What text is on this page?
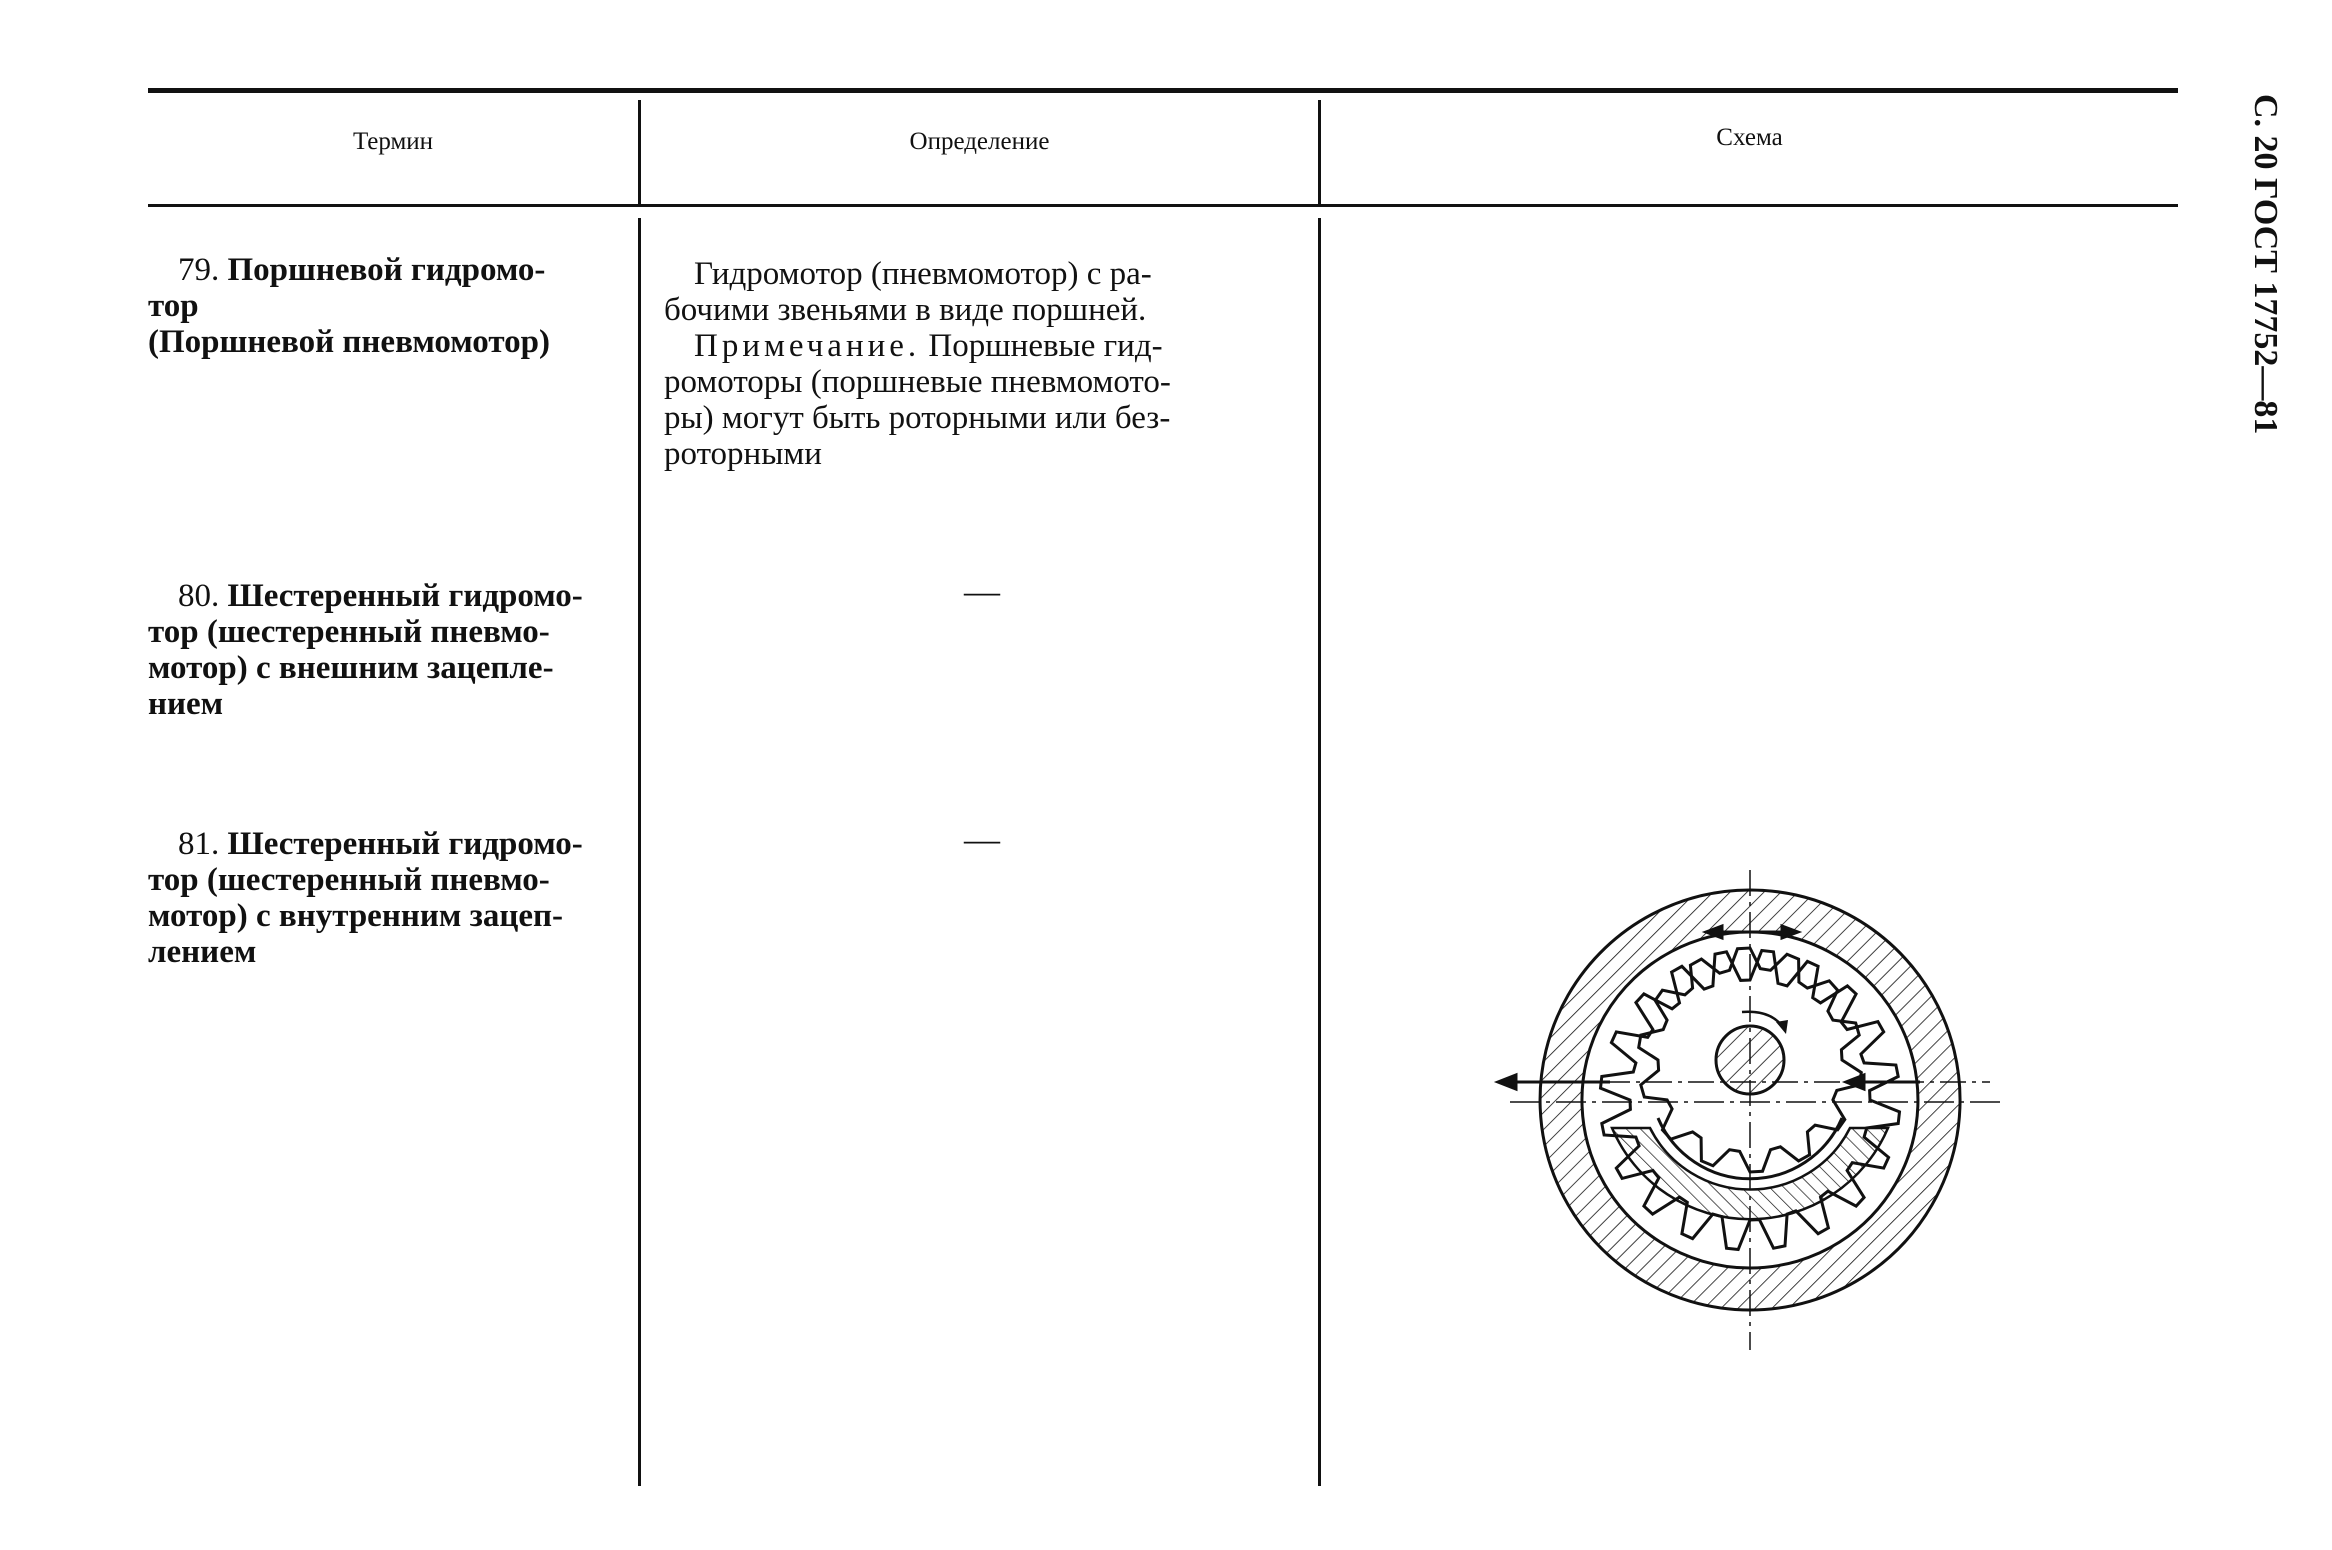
С. 20 ГОСТ 17752—81
Термин	Определение	Схема
79. Поршневой гидромо-
тор
(Поршневой пневмомотор)
Гидромотор (пневмомотор) с ра-
бочими звеньями в виде поршней.
Примечание. Поршневые гид-
ромоторы (поршневые пневмомото-
ры) могут быть роторными или без-
роторными
80. Шестеренный гидромо-
тор (шестеренный пневмо-
мотор) с внешним зацепле-
нием
—
81. Шестеренный гидромо-
тор (шестеренный пневмо-
мотор) с внутренним зацеп-
лением
—
